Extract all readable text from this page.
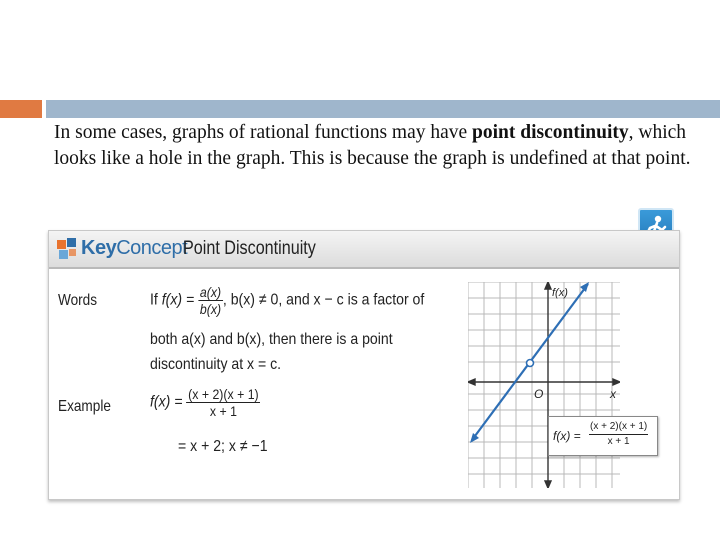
In some cases, graphs of rational functions may have point discontinuity, which looks like a hole in the graph. This is because the graph is undefined at that point.
KeyConcept
Point Discontinuity
Words	If $f(x) = \frac{a(x)}{b(x)}$ , b(x) ≠ 0, and x − c is a factor of
both a(x) and b(x), then there is a point
discontinuity at x = c.
Example $f(x) = \frac{(x + 2)(x + 1)}{x + 1}$
= x + 2; x ≠ −1
f(x)
x
O
$f(x) = \frac{(x + 2)(x + 1)}{x + 1}$
